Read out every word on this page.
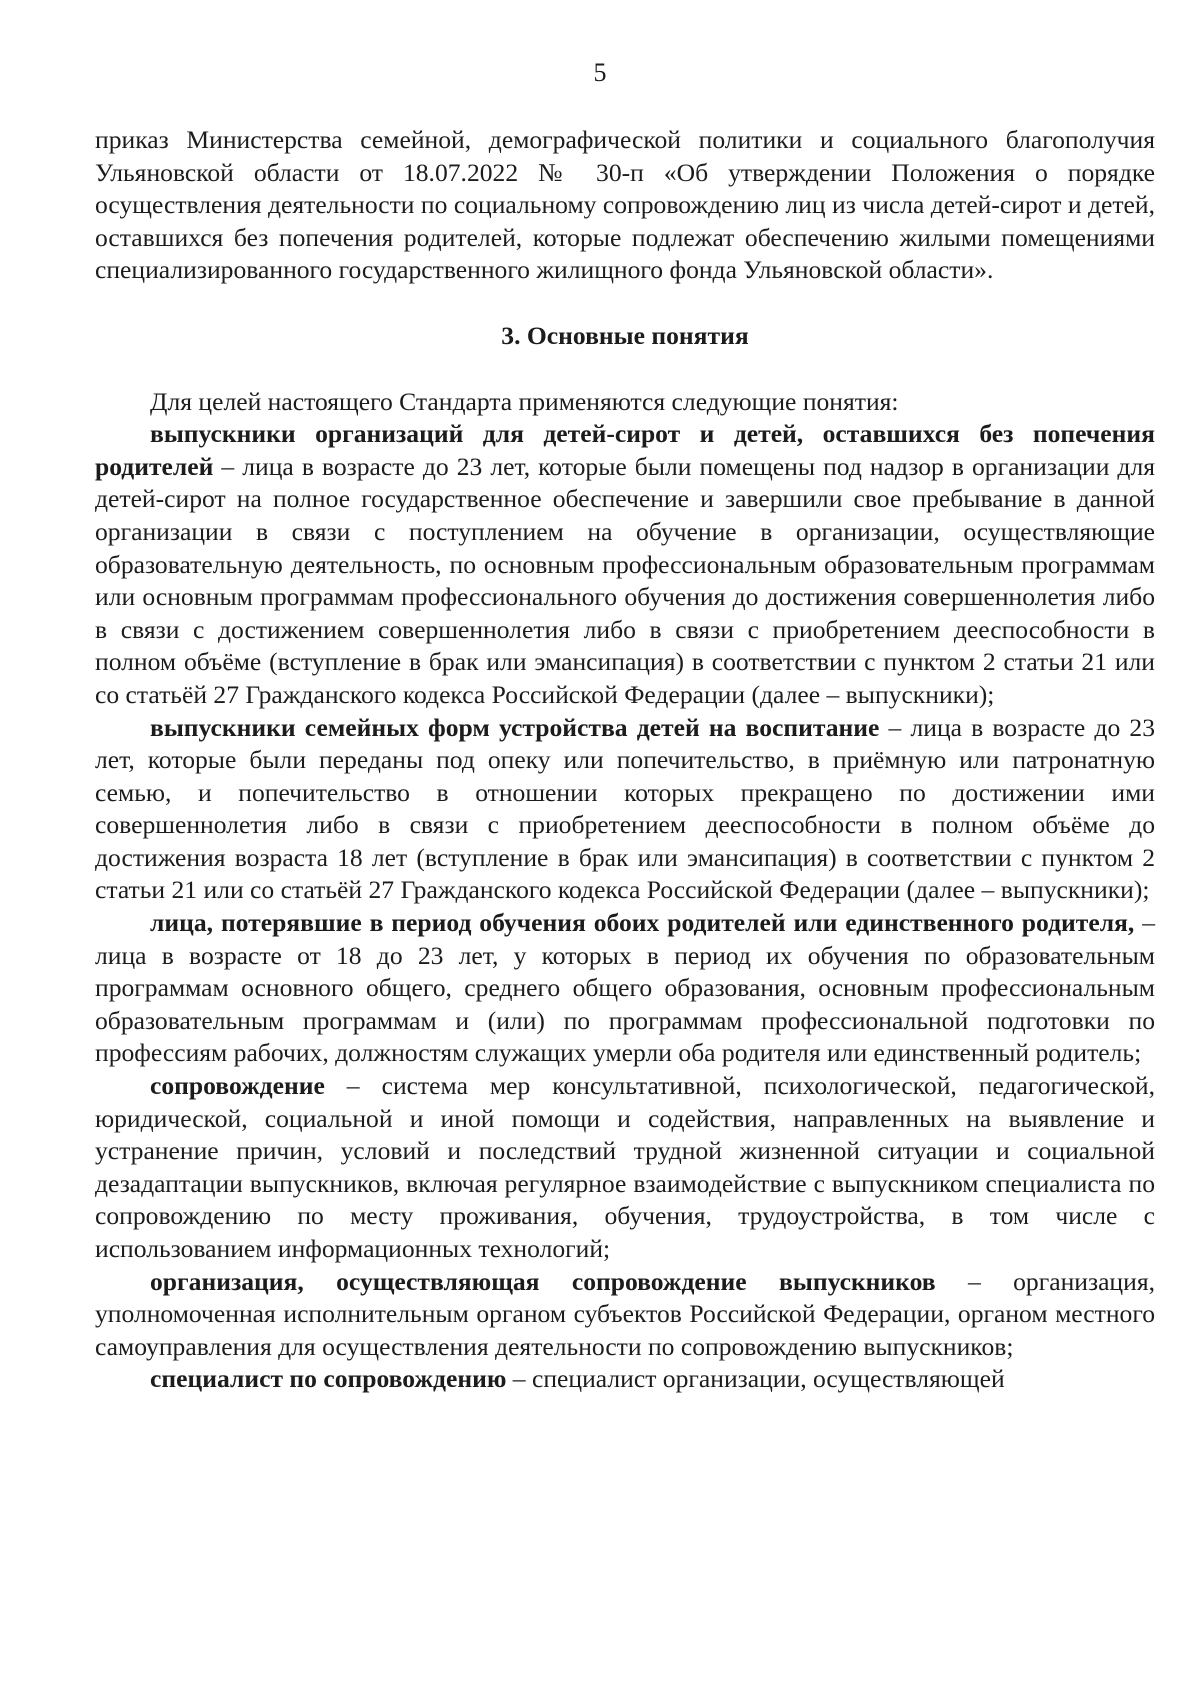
5

приказ Министерства семейной, демографической политики и социального благополучия Ульяновской области от 18.07.2022 № 30-п «Об утверждении Положения о порядке осуществления деятельности по социальному сопровождению лиц из числа детей-сирот и детей, оставшихся без попечения родителей, которые подлежат обеспечению жилыми помещениями специализированного государственного жилищного фонда Ульяновской области».

3. Основные понятия

Для целей настоящего Стандарта применяются следующие понятия:

выпускники организаций для детей-сирот и детей, оставшихся без попечения родителей – лица в возрасте до 23 лет, которые были помещены под надзор в организации для детей-сирот на полное государственное обеспечение и завершили свое пребывание в данной организации в связи с поступлением на обучение в организации, осуществляющие образовательную деятельность, по основным профессиональным образовательным программам или основным программам профессионального обучения до достижения совершеннолетия либо в связи с достижением совершеннолетия либо в связи с приобретением дееспособности в полном объёме (вступление в брак или эмансипация) в соответствии с пунктом 2 статьи 21 или со статьёй 27 Гражданского кодекса Российской Федерации (далее – выпускники);

выпускники семейных форм устройства детей на воспитание – лица в возрасте до 23 лет, которые были переданы под опеку или попечительство, в приёмную или патронатную семью, и попечительство в отношении которых прекращено по достижении ими совершеннолетия либо в связи с приобретением дееспособности в полном объёме до достижения возраста 18 лет (вступление в брак или эмансипация) в соответствии с пунктом 2 статьи 21 или со статьёй 27 Гражданского кодекса Российской Федерации (далее – выпускники);

лица, потерявшие в период обучения обоих родителей или единственного родителя, – лица в возрасте от 18 до 23 лет, у которых в период их обучения по образовательным программам основного общего, среднего общего образования, основным профессиональным образовательным программам и (или) по программам профессиональной подготовки по профессиям рабочих, должностям служащих умерли оба родителя или единственный родитель;

сопровождение – система мер консультативной, психологической, педагогической, юридической, социальной и иной помощи и содействия, направленных на выявление и устранение причин, условий и последствий трудной жизненной ситуации и социальной дезадаптации выпускников, включая регулярное взаимодействие с выпускником специалиста по сопровождению по месту проживания, обучения, трудоустройства, в том числе с использованием информационных технологий;

организация, осуществляющая сопровождение выпускников – организация, уполномоченная исполнительным органом субъектов Российской Федерации, органом местного самоуправления для осуществления деятельности по сопровождению выпускников;

специалист по сопровождению – специалист организации, осуществляющей
